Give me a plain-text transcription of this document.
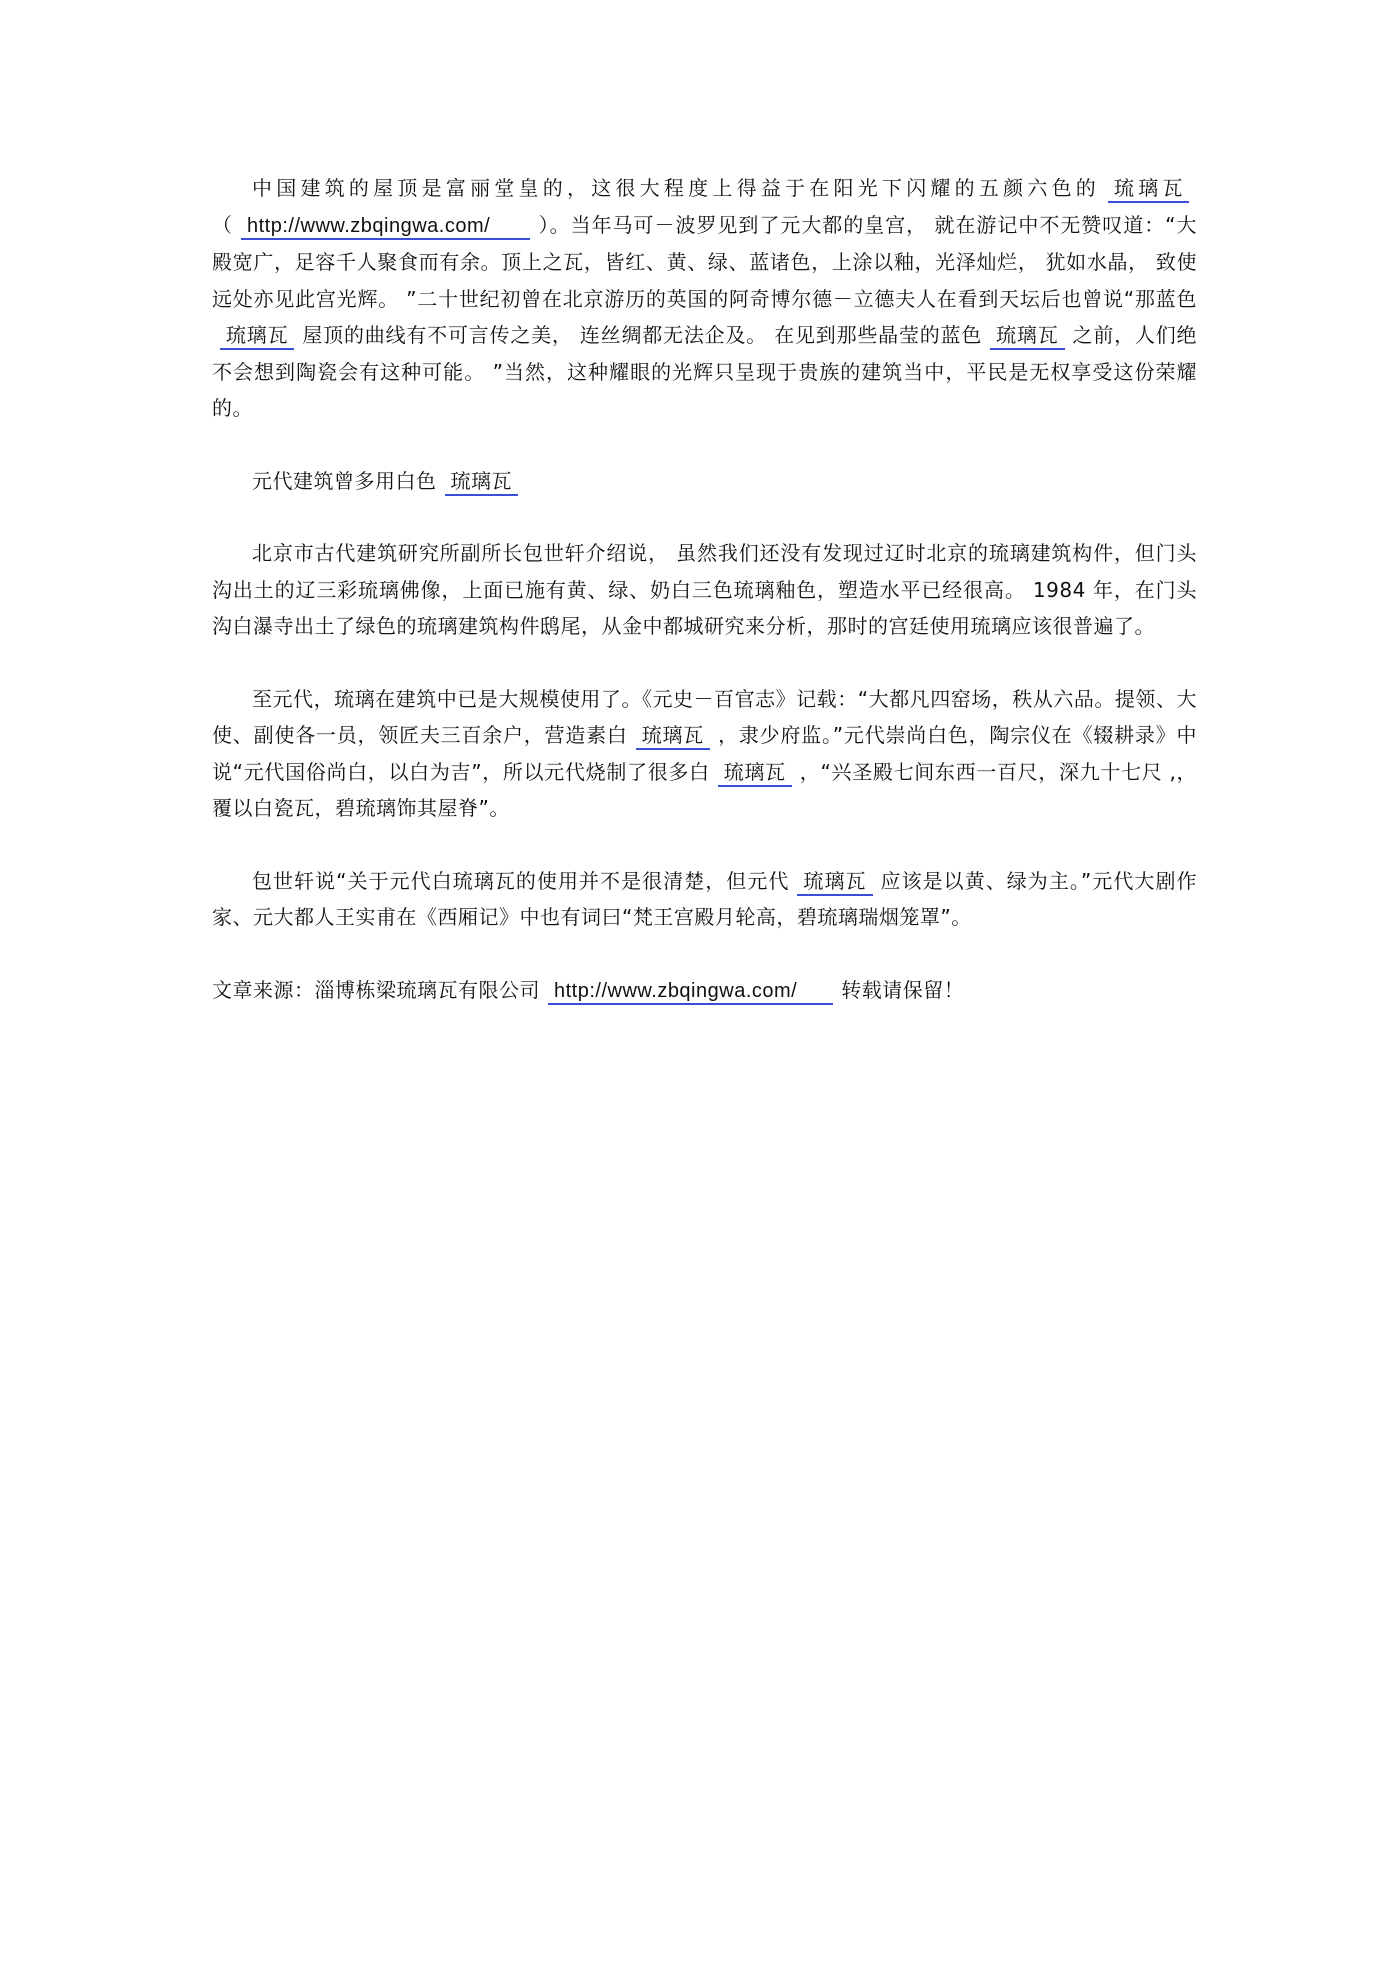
中国建筑的屋顶是富丽堂皇的，这很大程度上得益于在阳光下闪耀的五颜六色的 琉璃瓦（ http://www.zbqingwa.com/ ）。当年马可－波罗见到了元大都的皇宫， 就在游记中不无赞叹道：“大殿宽广，足容千人聚食而有余。顶上之瓦，皆红、黄、绿、蓝诸色，上涂以釉，光泽灿烂， 犹如水晶， 致使远处亦见此宫光辉。 ”二十世纪初曾在北京游历的英国的阿奇博尔德－立德夫人在看到天坛后也曾说“那蓝色琉璃瓦 屋顶的曲线有不可言传之美， 连丝绸都无法企及。 在见到那些晶莹的蓝色 琉璃瓦 之前，人们绝不会想到陶瓷会有这种可能。 ”当然，这种耀眼的光辉只呈现于贵族的建筑当中，平民是无权享受这份荣耀的。

元代建筑曾多用白色 琉璃瓦

北京市古代建筑研究所副所长包世轩介绍说， 虽然我们还没有发现过辽时北京的琉璃建筑构件，但门头沟出土的辽三彩琉璃佛像，上面已施有黄、绿、奶白三色琉璃釉色，塑造水平已经很高。 1984 年，在门头沟白瀑寺出土了绿色的琉璃建筑构件鸱尾，从金中都城研究来分析，那时的宫廷使用琉璃应该很普遍了。

至元代，琉璃在建筑中已是大规模使用了。《元史－百官志》记载：“大都凡四窑场，秩从六品。提领、大使、副使各一员，领匠夫三百余户，营造素白 琉璃瓦 ，隶少府监。”元代崇尚白色，陶宗仪在《辍耕录》中说“元代国俗尚白，以白为吉”，所以元代烧制了很多白 琉璃瓦 ，“兴圣殿七间东西一百尺，深九十七尺 ,，覆以白瓷瓦，碧琉璃饰其屋脊”。

包世轩说“关于元代白琉璃瓦的使用并不是很清楚，但元代 琉璃瓦 应该是以黄、绿为主。”元代大剧作家、元大都人王实甫在《西厢记》中也有词曰“梵王宫殿月轮高，碧琉璃瑞烟笼罩”。

文章来源：淄博栋梁琉璃瓦有限公司 http://www.zbqingwa.com/ 转载请保留！
